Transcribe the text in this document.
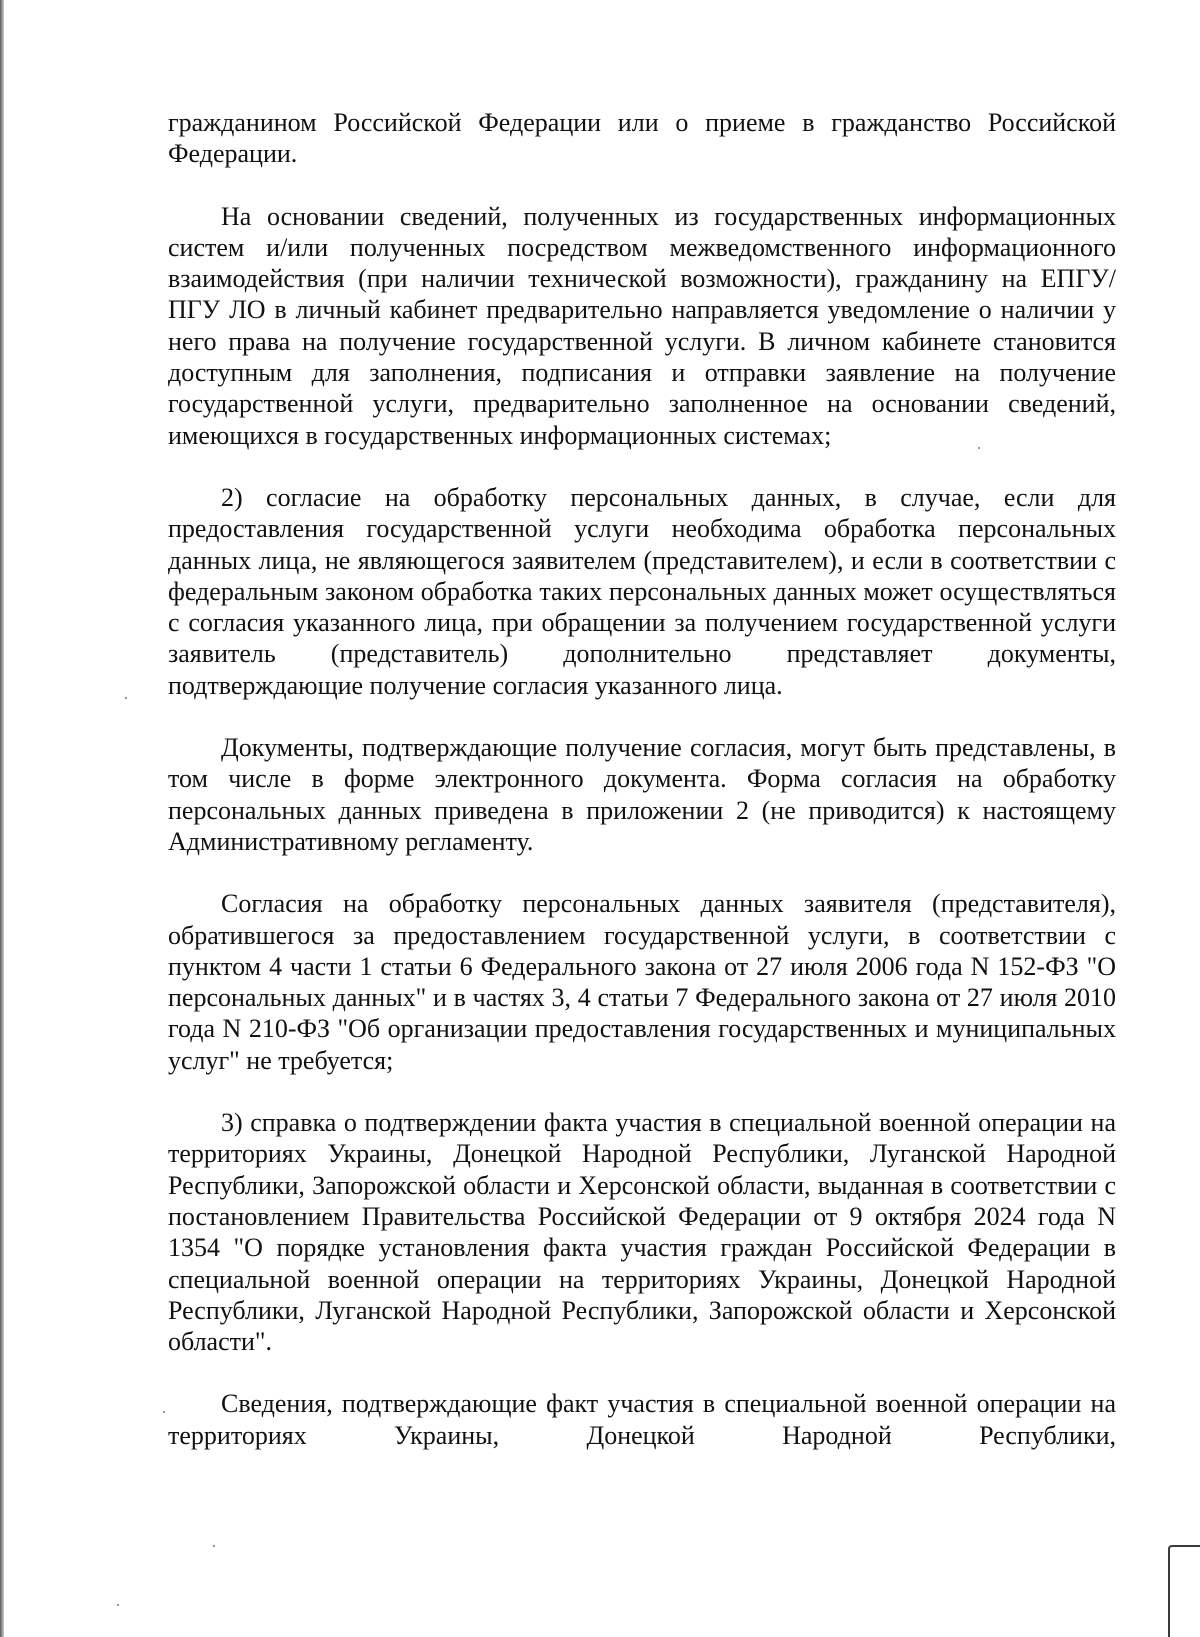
гражданином Российской Федерации или о приеме в гражданство Российской Федерации.

На основании сведений, полученных из государственных информационных систем и/или полученных посредством межведомственного информационного взаимодействия (при наличии технической возможности), гражданину на ЕПГУ/ПГУ ЛО в личный кабинет предварительно направляется уведомление о наличии у него права на получение государственной услуги. В личном кабинете становится доступным для заполнения, подписания и отправки заявление на получение государственной услуги, предварительно заполненное на основании сведений, имеющихся в государственных информационных системах;

2) согласие на обработку персональных данных, в случае, если для предоставления государственной услуги необходима обработка персональных данных лица, не являющегося заявителем (представителем), и если в соответствии с федеральным законом обработка таких персональных данных может осуществляться с согласия указанного лица, при обращении за получением государственной услуги заявитель (представитель) дополнительно представляет документы, подтверждающие получение согласия указанного лица.

Документы, подтверждающие получение согласия, могут быть представлены, в том числе в форме электронного документа. Форма согласия на обработку персональных данных приведена в приложении 2 (не приводится) к настоящему Административному регламенту.

Согласия на обработку персональных данных заявителя (представителя), обратившегося за предоставлением государственной услуги, в соответствии с пунктом 4 части 1 статьи 6 Федерального закона от 27 июля 2006 года N 152-ФЗ "О персональных данных" и в частях 3, 4 статьи 7 Федерального закона от 27 июля 2010 года N 210-ФЗ "Об организации предоставления государственных и муниципальных услуг" не требуется;

3) справка о подтверждении факта участия в специальной военной операции на территориях Украины, Донецкой Народной Республики, Луганской Народной Республики, Запорожской области и Херсонской области, выданная в соответствии с постановлением Правительства Российской Федерации от 9 октября 2024 года N 1354 "О порядке установления факта участия граждан Российской Федерации в специальной военной операции на территориях Украины, Донецкой Народной Республики, Луганской Народной Республики, Запорожской области и Херсонской области".

Сведения, подтверждающие факт участия в специальной военной операции на территориях Украины, Донецкой Народной Республики,
